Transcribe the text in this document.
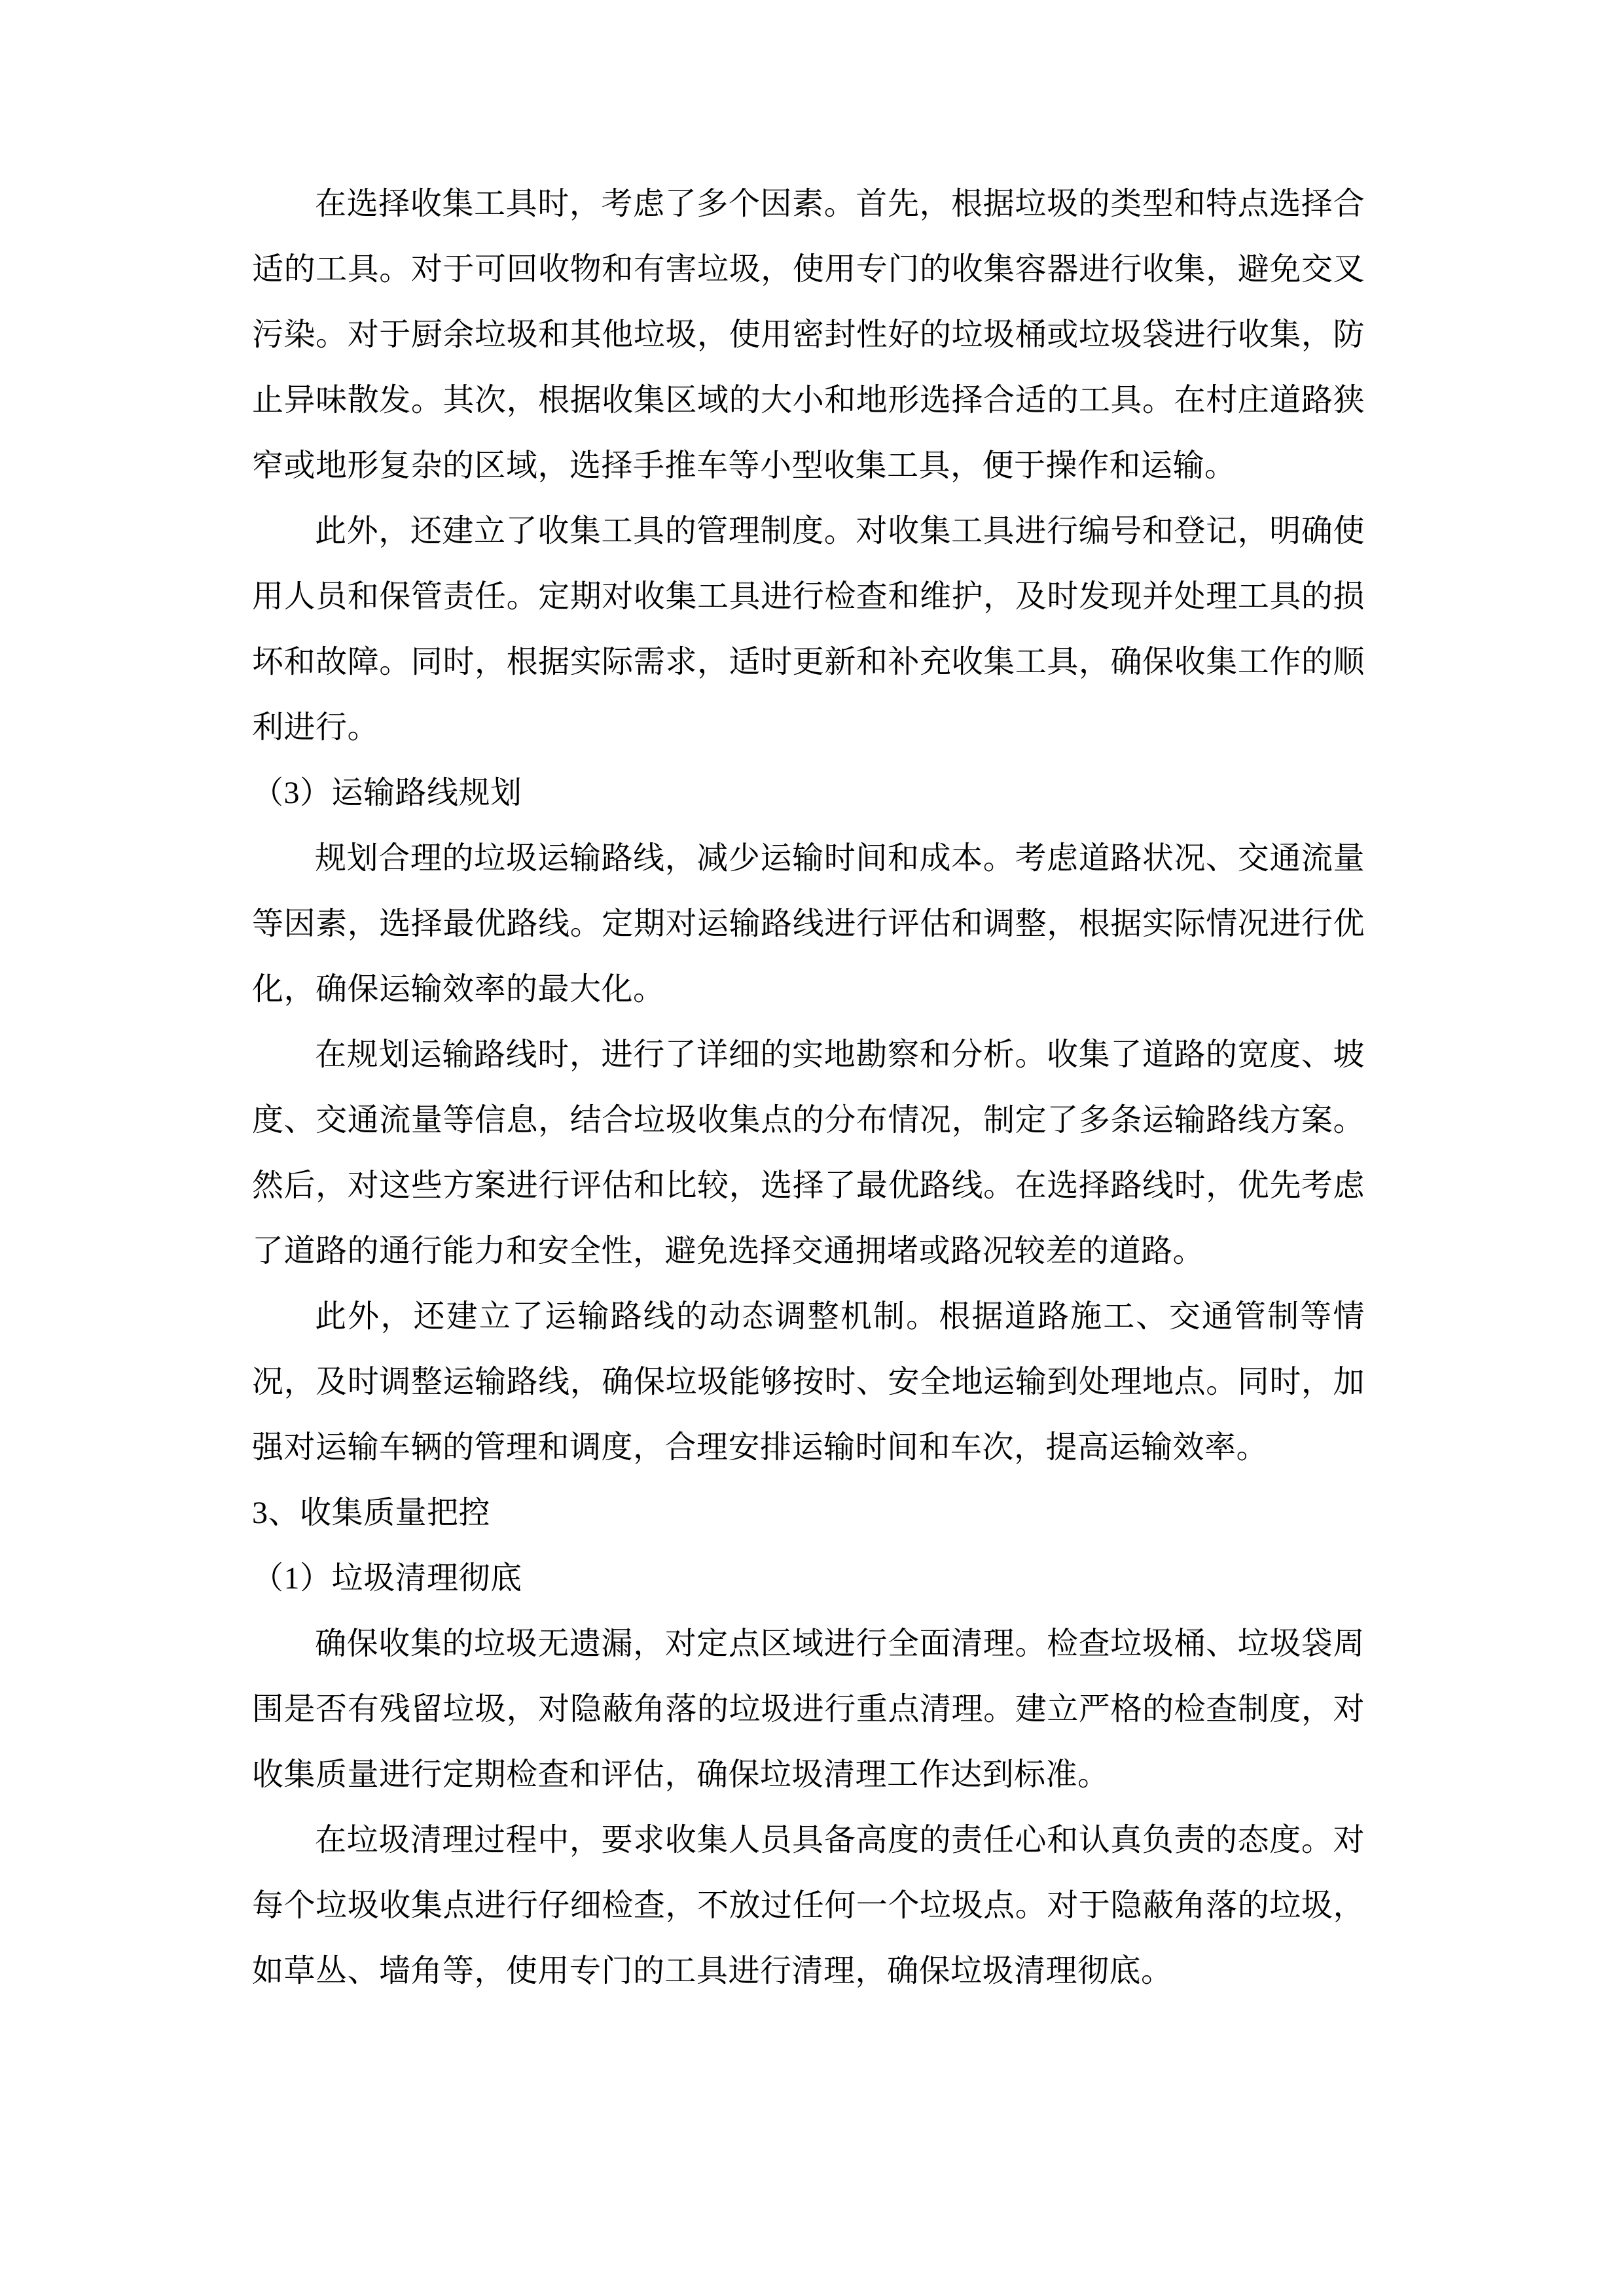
在选择收集工具时，考虑了多个因素。首先，根据垃圾的类型和特点选择合适的工具。对于可回收物和有害垃圾，使用专门的收集容器进行收集，避免交叉污染。对于厨余垃圾和其他垃圾，使用密封性好的垃圾桶或垃圾袋进行收集，防止异味散发。其次，根据收集区域的大小和地形选择合适的工具。在村庄道路狭窄或地形复杂的区域，选择手推车等小型收集工具，便于操作和运输。

此外，还建立了收集工具的管理制度。对收集工具进行编号和登记，明确使用人员和保管责任。定期对收集工具进行检查和维护，及时发现并处理工具的损坏和故障。同时，根据实际需求，适时更新和补充收集工具，确保收集工作的顺利进行。

（3）运输路线规划

规划合理的垃圾运输路线，减少运输时间和成本。考虑道路状况、交通流量等因素，选择最优路线。定期对运输路线进行评估和调整，根据实际情况进行优化，确保运输效率的最大化。

在规划运输路线时，进行了详细的实地勘察和分析。收集了道路的宽度、坡度、交通流量等信息，结合垃圾收集点的分布情况，制定了多条运输路线方案。然后，对这些方案进行评估和比较，选择了最优路线。在选择路线时，优先考虑了道路的通行能力和安全性，避免选择交通拥堵或路况较差的道路。

此外，还建立了运输路线的动态调整机制。根据道路施工、交通管制等情况，及时调整运输路线，确保垃圾能够按时、安全地运输到处理地点。同时，加强对运输车辆的管理和调度，合理安排运输时间和车次，提高运输效率。

3、收集质量把控

（1）垃圾清理彻底

确保收集的垃圾无遗漏，对定点区域进行全面清理。检查垃圾桶、垃圾袋周围是否有残留垃圾，对隐蔽角落的垃圾进行重点清理。建立严格的检查制度，对收集质量进行定期检查和评估，确保垃圾清理工作达到标准。

在垃圾清理过程中，要求收集人员具备高度的责任心和认真负责的态度。对每个垃圾收集点进行仔细检查，不放过任何一个垃圾点。对于隐蔽角落的垃圾，如草丛、墙角等，使用专门的工具进行清理，确保垃圾清理彻底。
